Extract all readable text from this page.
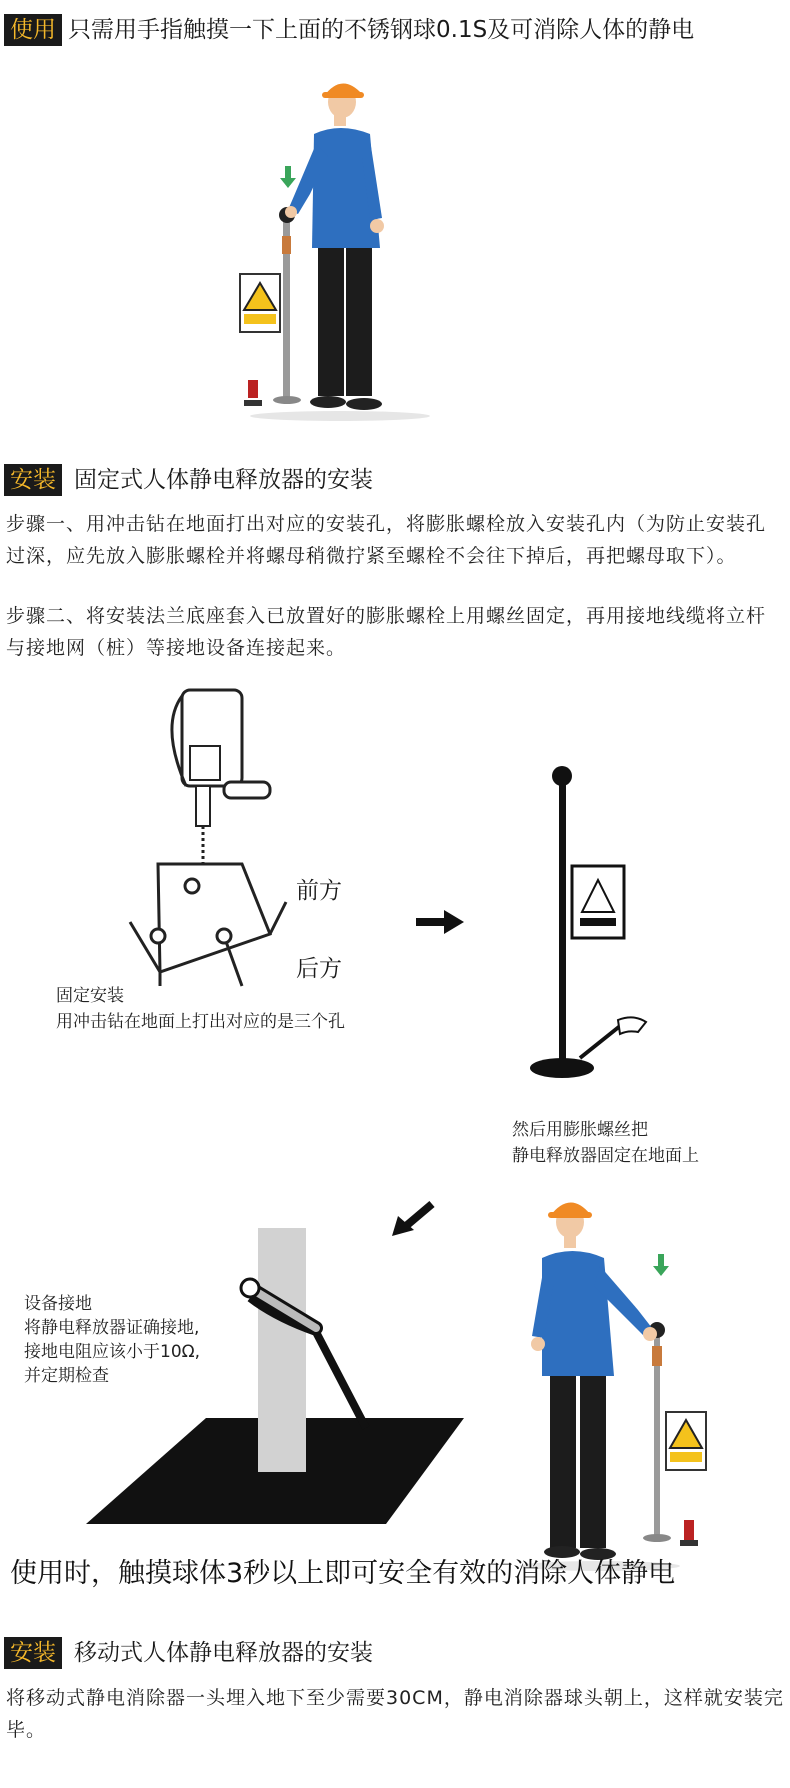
使用 只需用手指触摸一下上面的不锈钢球0.1S及可消除人体的静电
安装 固定式人体静电释放器的安装
步骤一、用冲击钻在地面打出对应的安装孔，将膨胀螺栓放入安装孔内（为防止安装孔过深，应先放入膨胀螺栓并将螺母稍微拧紧至螺栓不会往下掉后，再把螺母取下）。
步骤二、将安装法兰底座套入已放置好的膨胀螺栓上用螺丝固定，再用接地线缆将立杆与接地网（桩）等接地设备连接起来。
前方
后方
固定安装
用冲击钻在地面上打出对应的是三个孔
然后用膨胀螺丝把
静电释放器固定在地面上
设备接地
将静电释放器证确接地,
接地电阻应该小于10Ω,
并定期检查
使用时，触摸球体3秒以上即可安全有效的消除人体静电
安装 移动式人体静电释放器的安装
将移动式静电消除器一头埋入地下至少需要30CM，静电消除器球头朝上，这样就安装完毕。
